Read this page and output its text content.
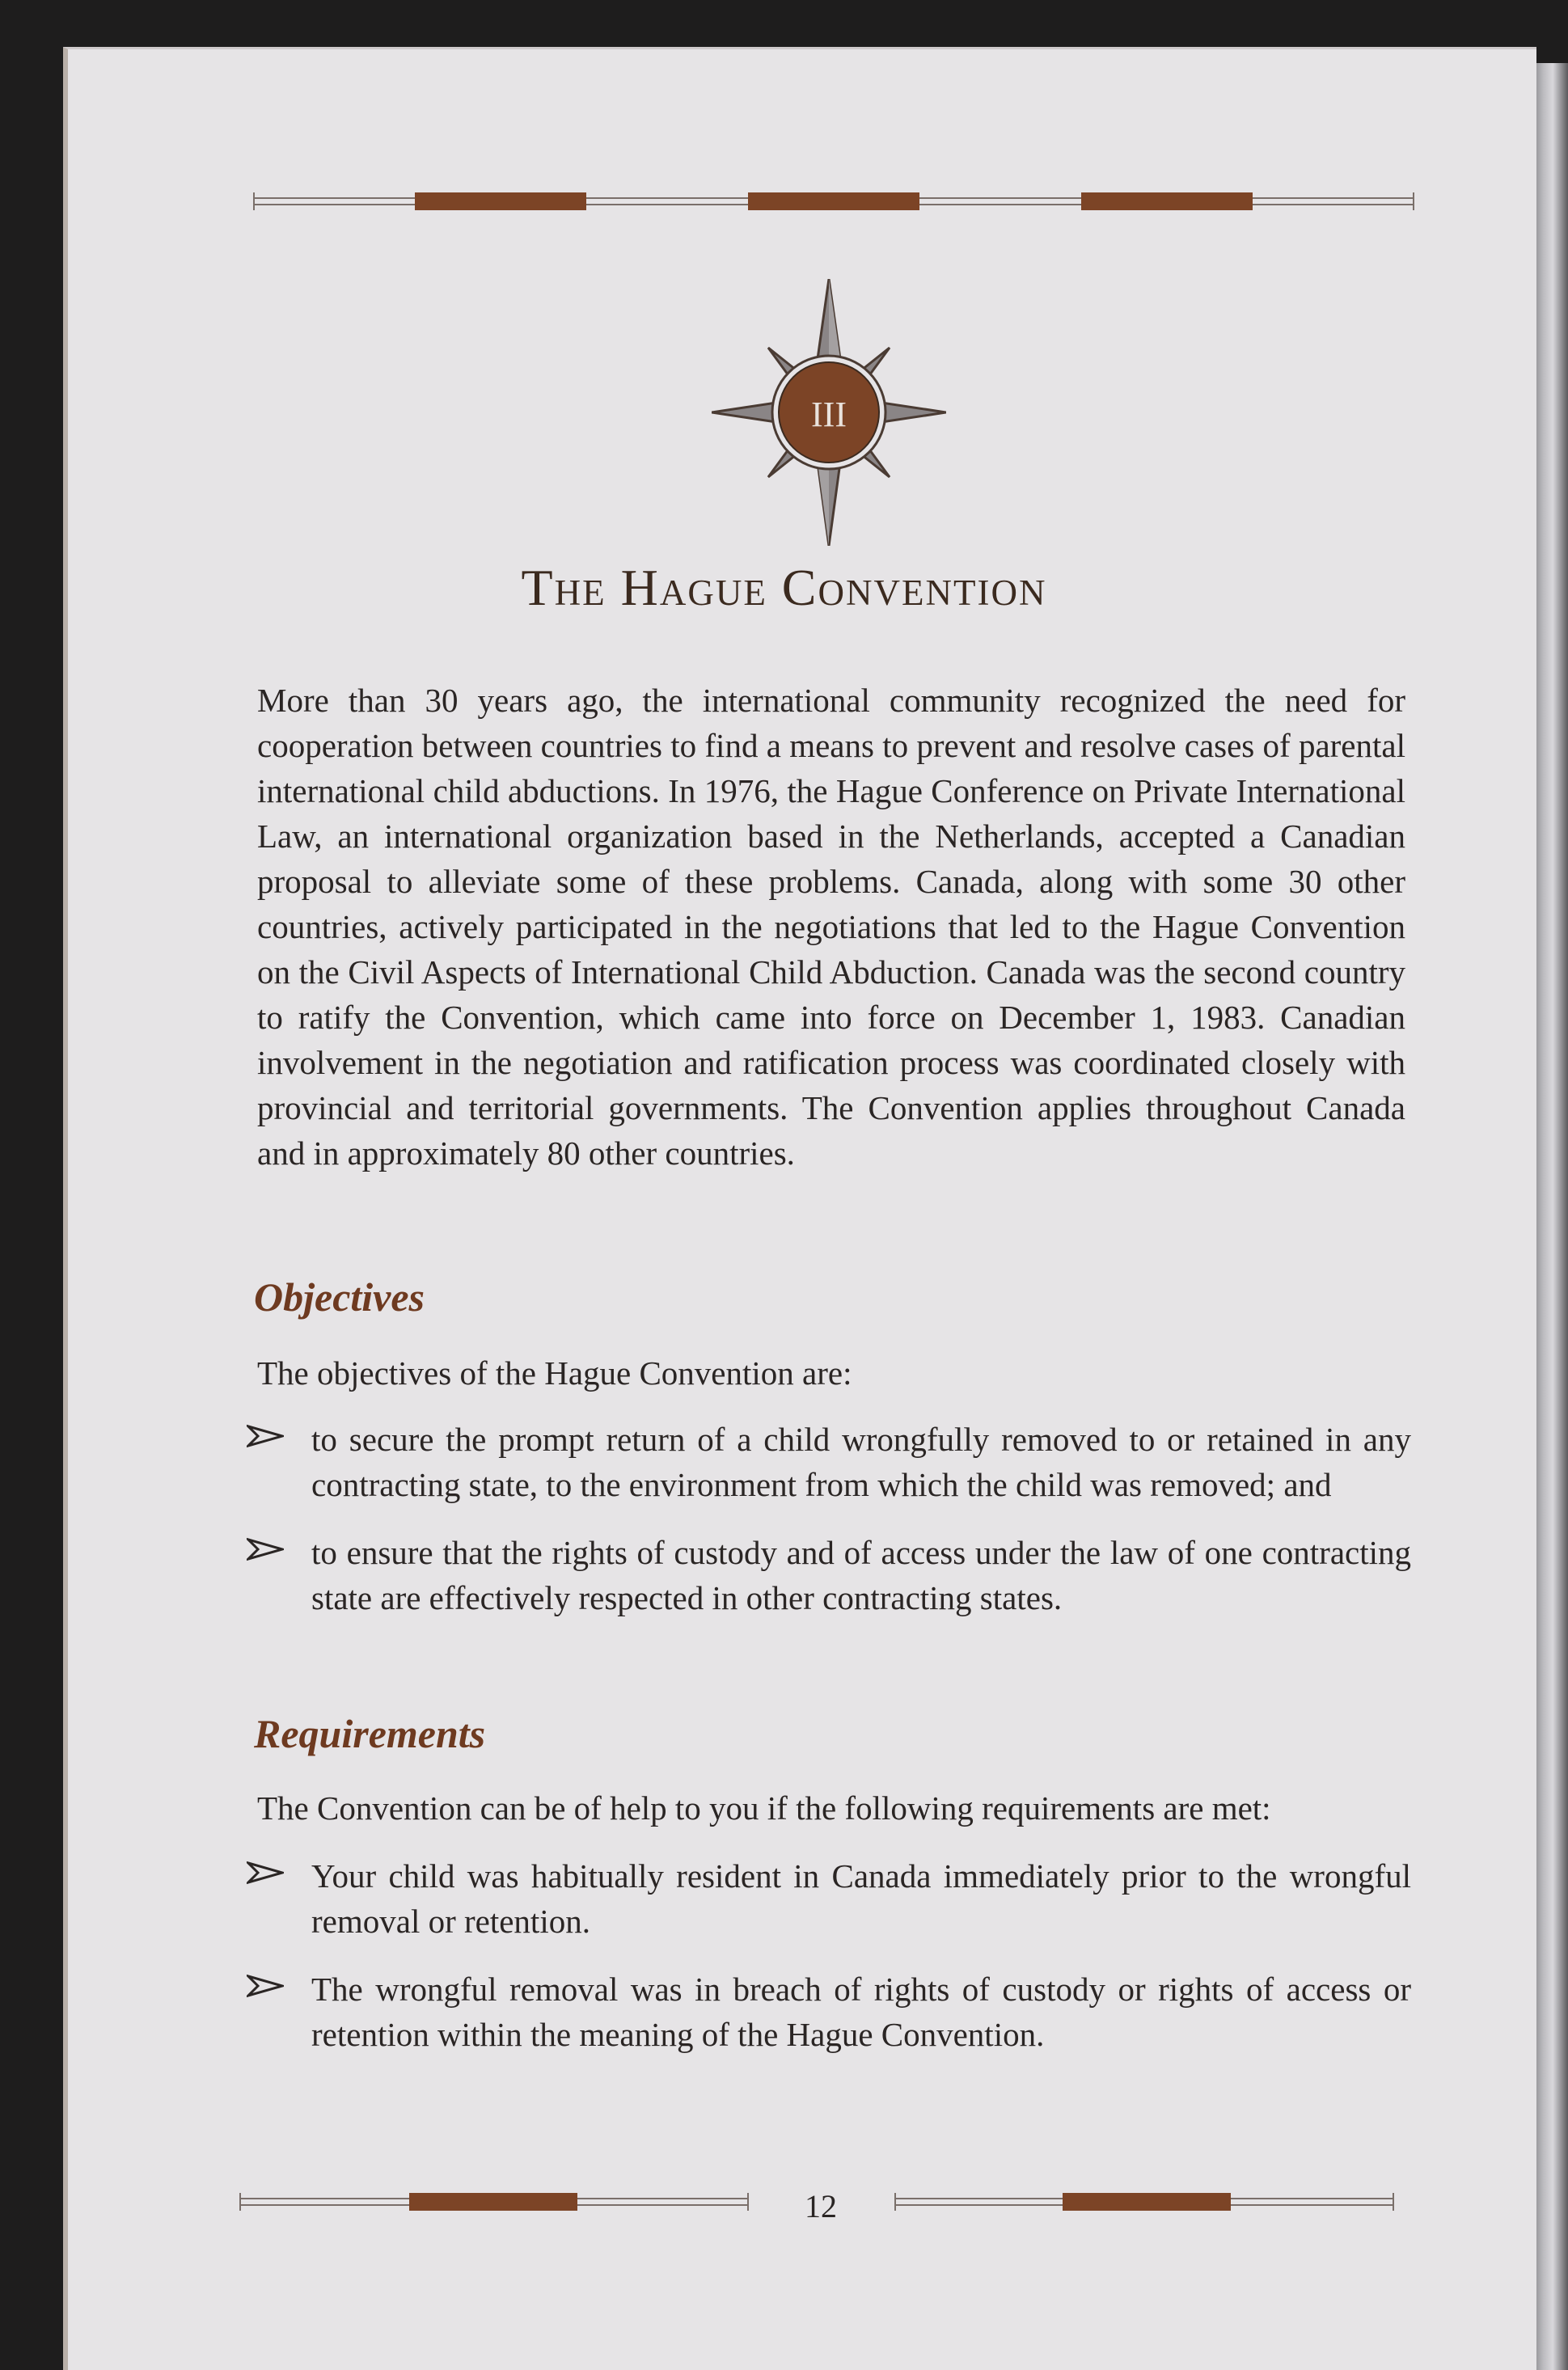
III
The Hague Convention

More than 30 years ago, the international community recognized the need for cooperation between countries to find a means to prevent and resolve cases of parental international child abductions. In 1976, the Hague Conference on Private International Law, an international organization based in the Netherlands, accepted a Canadian proposal to alleviate some of these problems. Canada, along with some 30 other countries, actively participated in the negotiations that led to the Hague Convention on the Civil Aspects of International Child Abduction. Canada was the second country to ratify the Convention, which came into force on December 1, 1983. Canadian involvement in the negotiation and ratification process was coordinated closely with provincial and territorial governments. The Convention applies throughout Canada and in approximately 80 other countries.

Objectives

The objectives of the Hague Convention are:

to secure the prompt return of a child wrongfully removed to or retained in any contracting state, to the environment from which the child was removed; and
to ensure that the rights of custody and of access under the law of one contracting state are effectively respected in other contracting states.
Requirements

The Convention can be of help to you if the following requirements are met:

Your child was habitually resident in Canada immediately prior to the wrongful removal or retention.
The wrongful removal was in breach of rights of custody or rights of access or retention within the meaning of the Hague Convention.

12
